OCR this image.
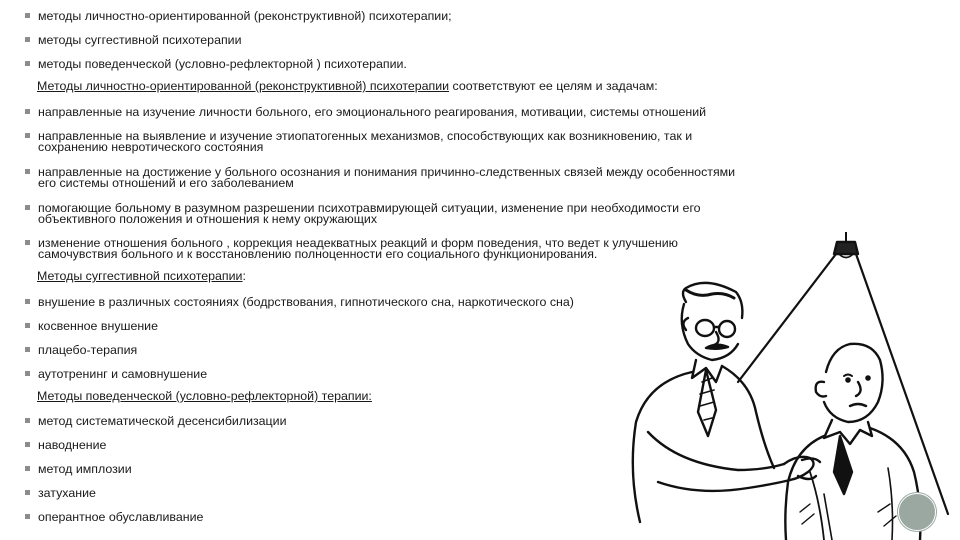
методы личностно-ориентированной (реконструктивной) психотерапии;
методы суггестивной психотерапии
методы поведенческой (условно-рефлекторной ) психотерапии.
Методы личностно-ориентированной (реконструктивной) психотерапии соответствуют ее целям и задачам:
направленные на изучение личности больного, его эмоционального реагирования, мотивации, системы отношений
направленные на выявление и изучение этиопатогенных механизмов, способствующих как возникновению, так и
сохранению невротического состояния
направленные на достижение у больного осознания и понимания причинно-следственных связей между особенностями
его системы отношений и его заболеванием
помогающие больному в разумном разрешении психотравмирующей ситуации, изменение при необходимости его
объективного положения и отношения к нему окружающих
изменение отношения больного , коррекция неадекватных реакций и форм поведения, что ведет к улучшению
самочувствия больного и к восстановлению полноценности его социального функционирования.
Методы суггестивной психотерапии:
внушение в различных состояниях (бодрствования, гипнотического сна, наркотического сна)
косвенное внушение
плацебо-терапия
аутотренинг и самовнушение
Методы поведенческой (условно-рефлекторной) терапии:
метод систематической десенсибилизации
наводнение
метод имплозии
затухание
оперантное обуславливание
